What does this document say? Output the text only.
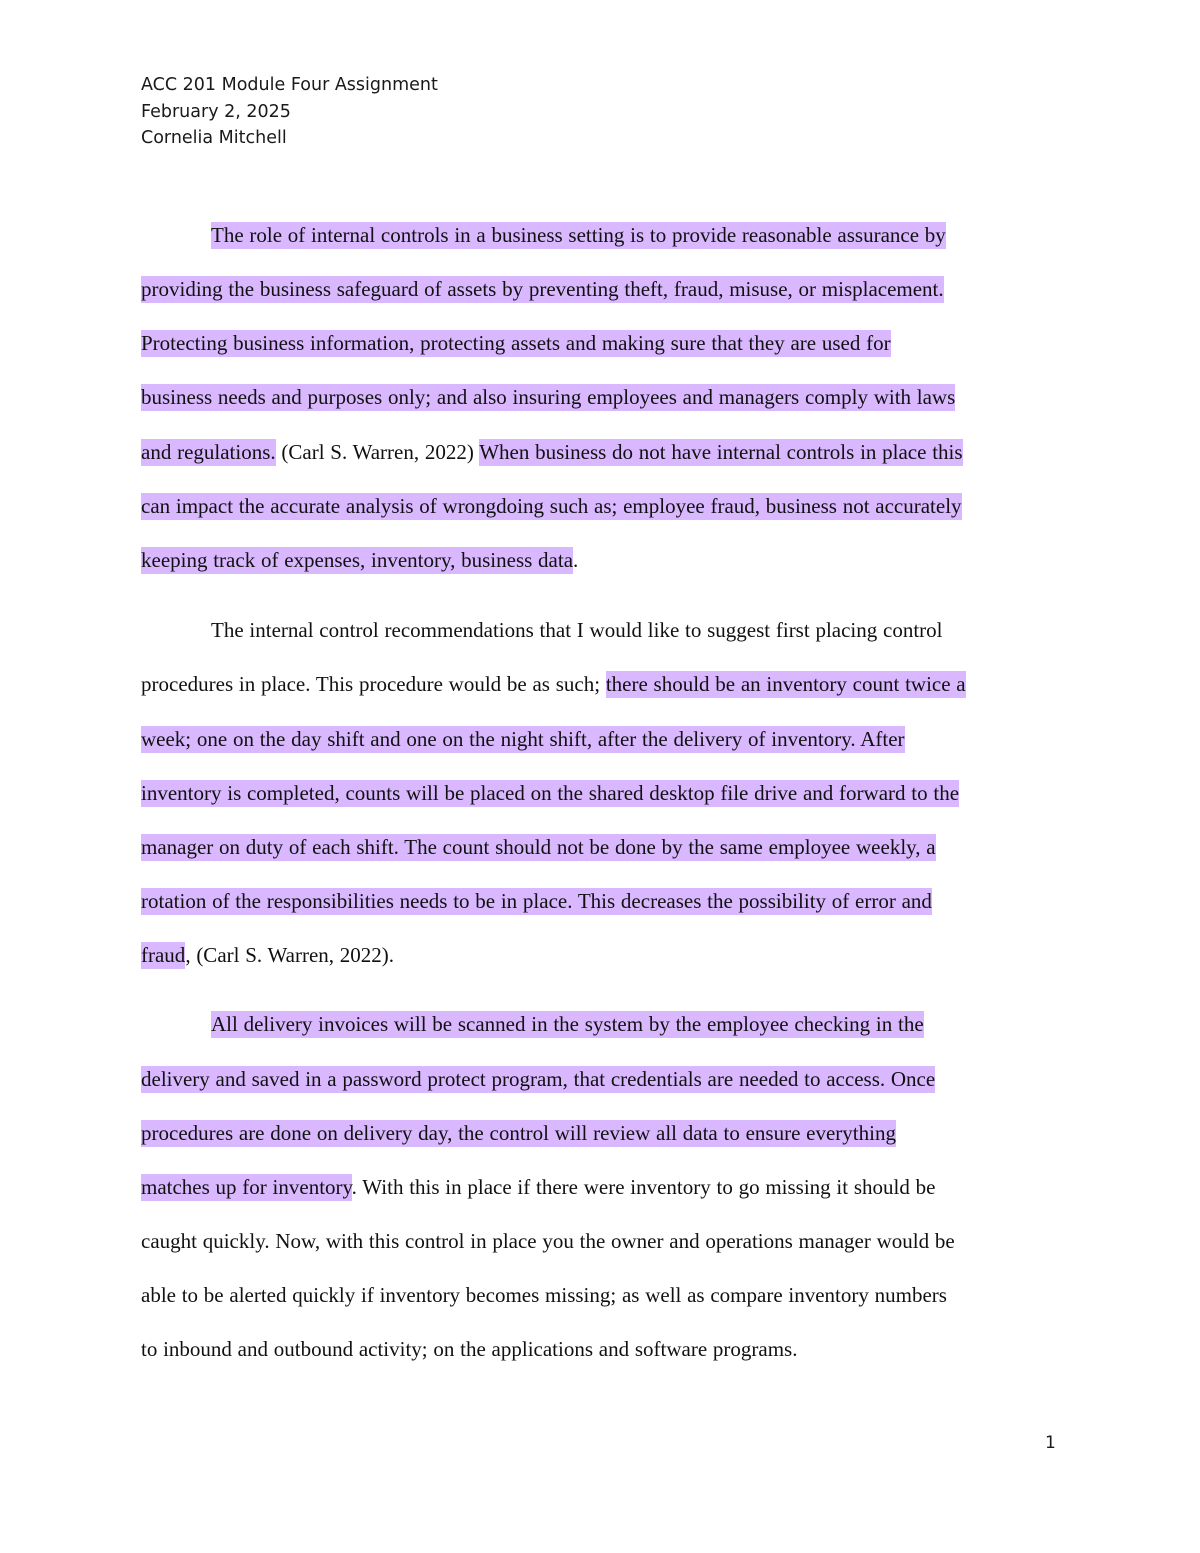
ACC 201 Module Four Assignment
February 2, 2025
Cornelia Mitchell
The role of internal controls in a business setting is to provide reasonable assurance by
providing the business safeguard of assets by preventing theft, fraud, misuse, or misplacement.
Protecting business information, protecting assets and making sure that they are used for
business needs and purposes only; and also insuring employees and managers comply with laws
and regulations. (Carl S. Warren, 2022) When business do not have internal controls in place this
can impact the accurate analysis of wrongdoing such as; employee fraud, business not accurately
keeping track of expenses, inventory, business data.
The internal control recommendations that I would like to suggest first placing control
procedures in place. This procedure would be as such; there should be an inventory count twice a
week; one on the day shift and one on the night shift, after the delivery of inventory. After
inventory is completed, counts will be placed on the shared desktop file drive and forward to the
manager on duty of each shift. The count should not be done by the same employee weekly, a
rotation of the responsibilities needs to be in place. This decreases the possibility of error and
fraud, (Carl S. Warren, 2022).
All delivery invoices will be scanned in the system by the employee checking in the
delivery and saved in a password protect program, that credentials are needed to access. Once
procedures are done on delivery day, the control will review all data to ensure everything
matches up for inventory. With this in place if there were inventory to go missing it should be
caught quickly. Now, with this control in place you the owner and operations manager would be
able to be alerted quickly if inventory becomes missing; as well as compare inventory numbers
to inbound and outbound activity; on the applications and software programs.
1
